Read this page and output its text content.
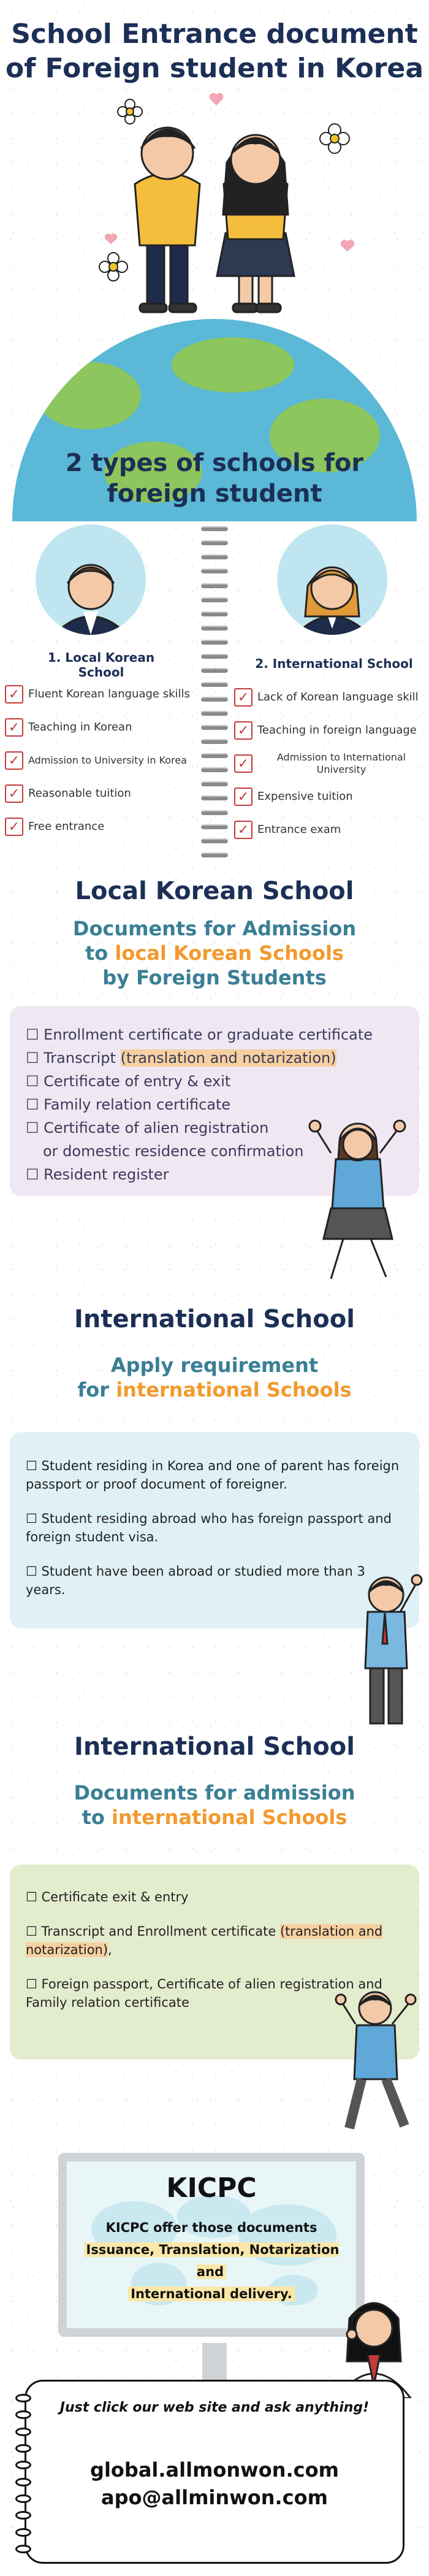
School Entrance document
of Foreign student in Korea
2 types of schools for
foreign student
1. Local Korean School
2. International School
✓ Fluent Korean language skills
✓ Teaching in Korean
✓ Admission to University in Korea
✓ Reasonable tuition
✓ Free entrance
✓ Lack of Korean language skill
✓ Teaching in foreign language
✓	Admission to International University
✓ Expensive tuition
✓ Entrance exam
Local Korean School
Documents for Admission
to local Korean Schools
by Foreign Students
☐ Enrollment certificate or graduate certificate
☐ Transcript (translation and notarization)
☐ Certificate of entry & exit
☐ Family relation certificate
☐ Certificate of alien registration
or domestic residence confirmation
☐ Resident register
International School
Apply requirement
for international Schools
☐ Student residing in Korea and one of parent has foreign passport or proof document of foreigner.
☐ Student residing abroad who has foreign passport and foreign student visa.
☐ Student have been abroad or studied more than 3 years.
International School
Documents for admission
to international Schools
☐ Certificate exit & entry
☐ Transcript and Enrollment certificate (translation and notarization),
☐ Foreign passport, Certificate of alien registration and Family relation certificate
KICPC
KICPC offer those documents
Issuance, Translation, Notarization and
International delivery.
Just click our web site and ask anything!
global.allmonwon.com
apo@allminwon.com
